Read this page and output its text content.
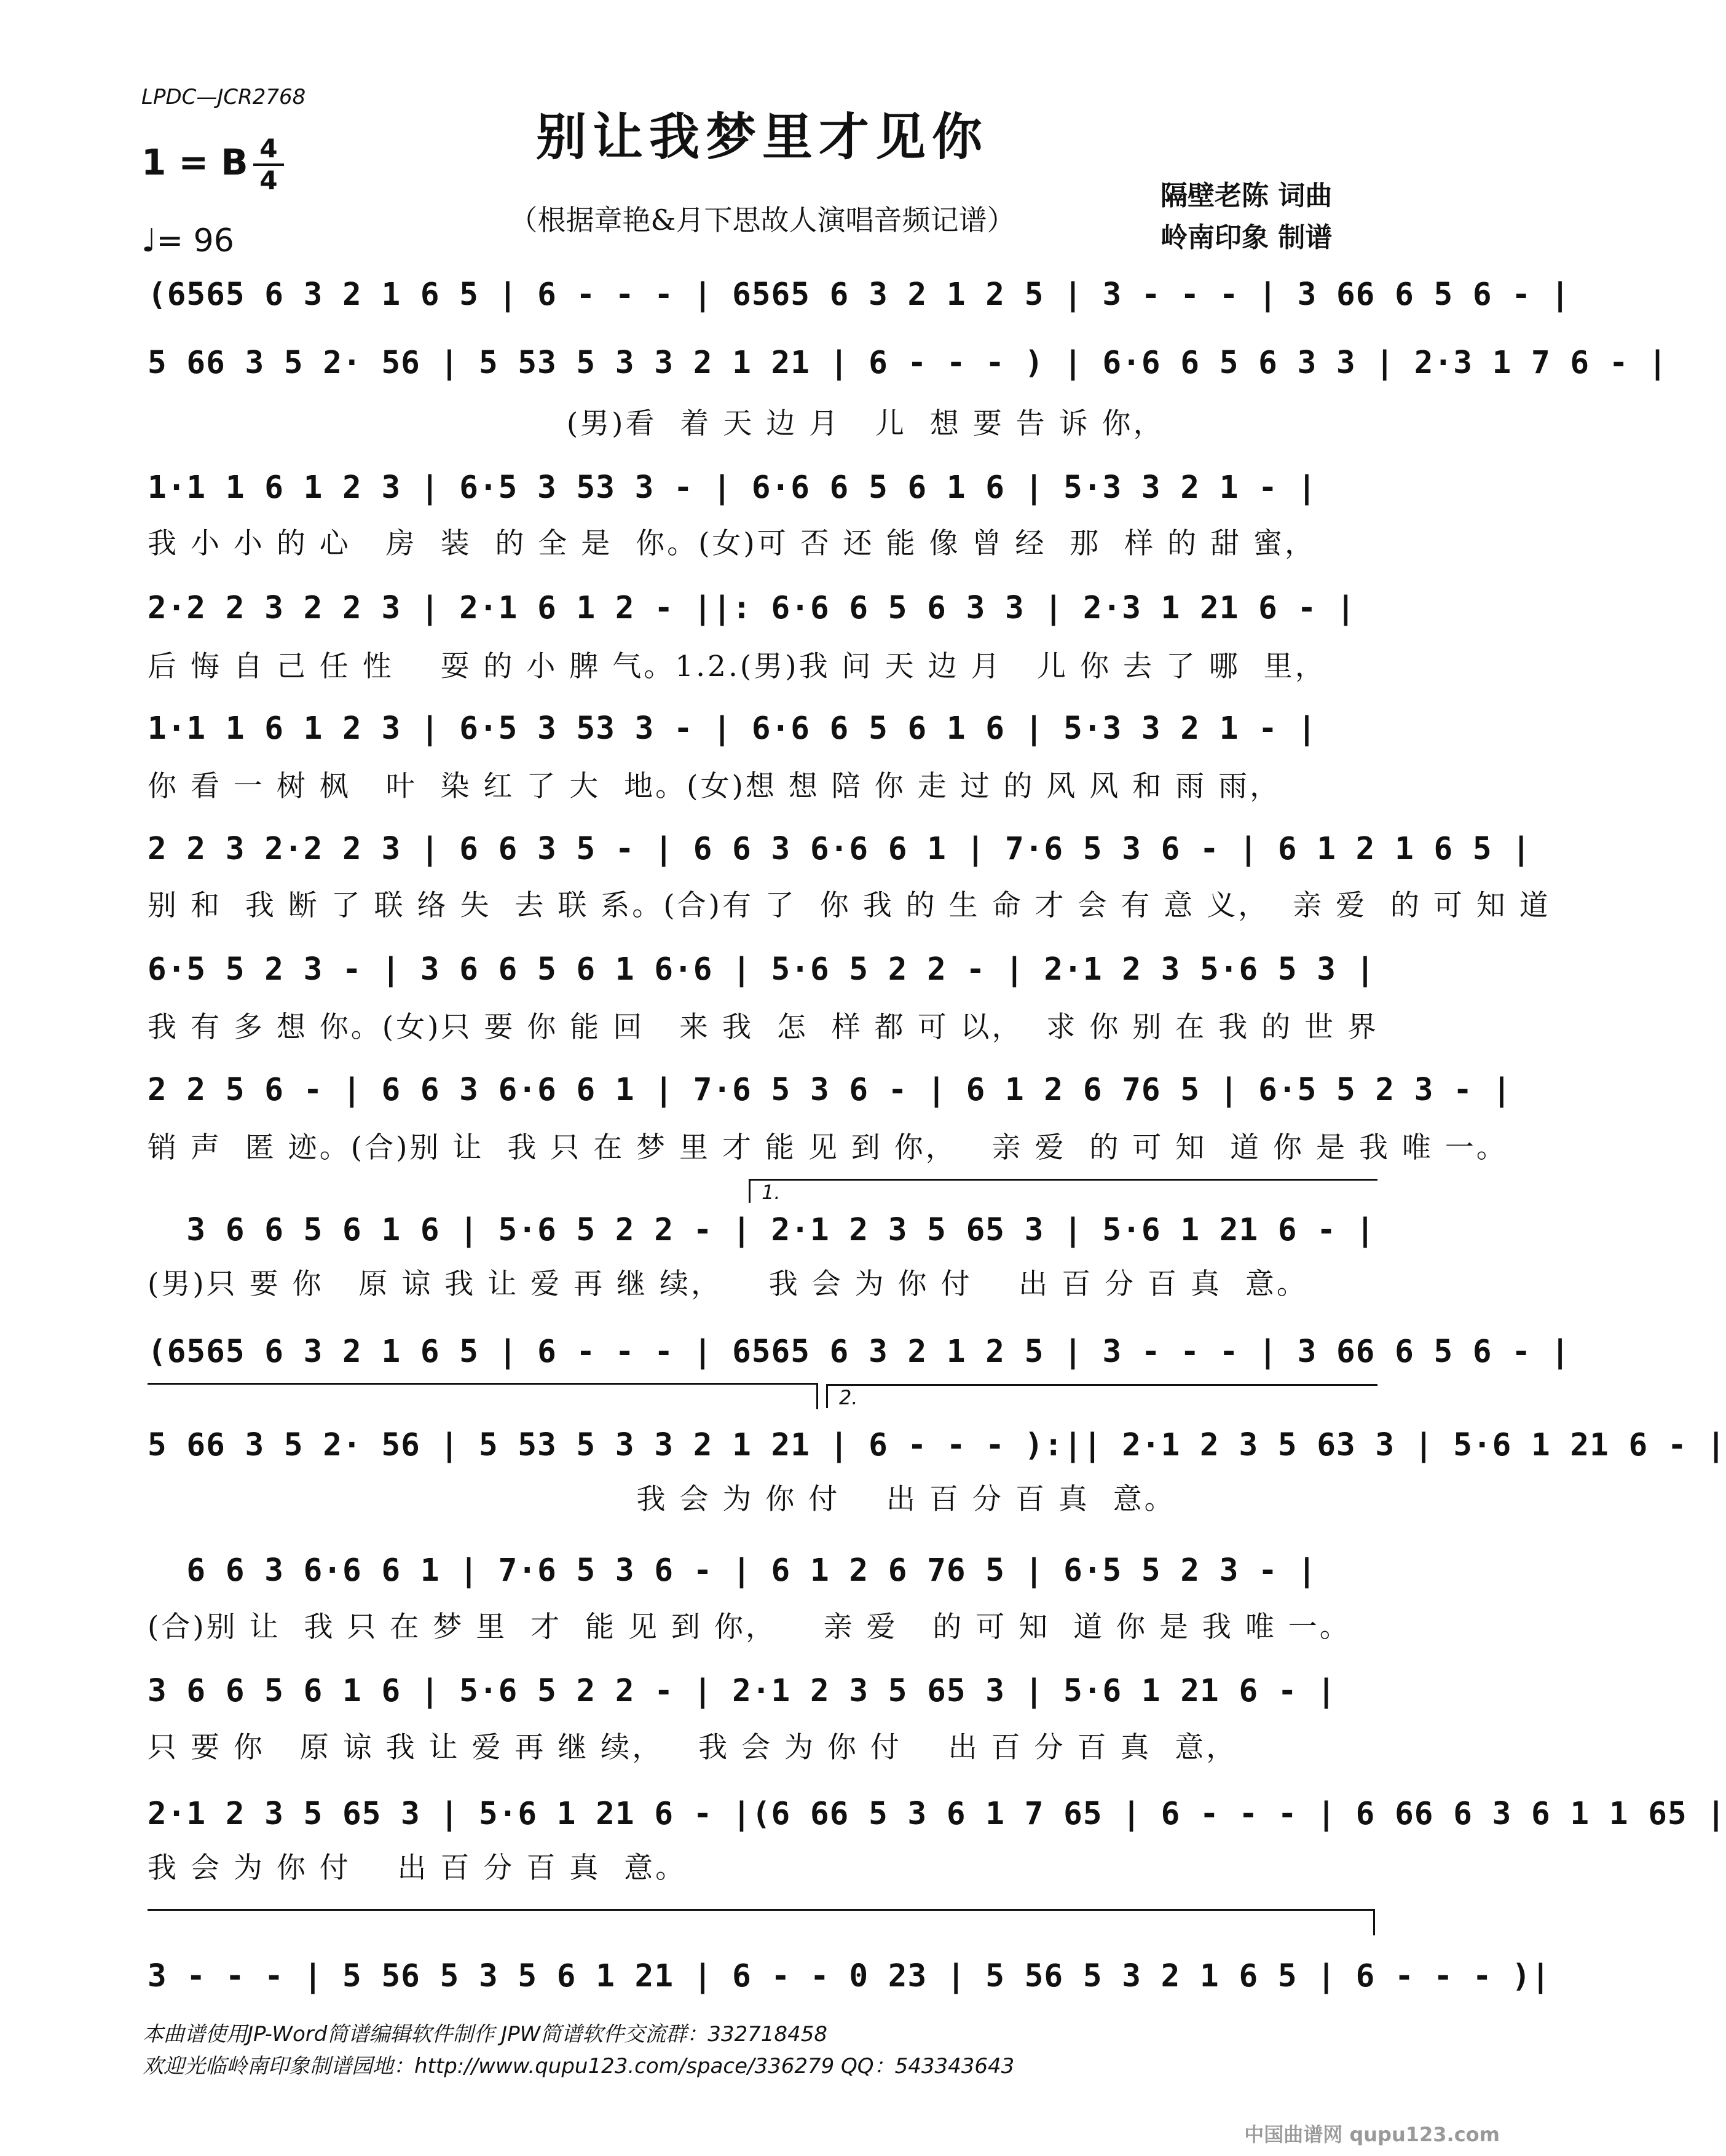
LPDC—JCR2768
别让我梦里才见你
1 = B 4
4
♩= 96
（根据章艳&月下思故人演唱音频记谱）
隔壁老陈 词曲
岭南印象 制谱
(6565 6 3 2 1 6 5 | 6 - - - | 6565 6 3 2 1 2 5 | 3 - - - | 3 66 6 5 6 - |
5 66 3 5 2· 56 | 5 53 5 3 3 2 1 21 | 6 - - - ) | 6·6 6 5 6 3 3 | 2·3 1 7 6 - |
(男)看  着 天 边 月   儿  想 要 告 诉 你，
1·1 1 6 1 2 3 | 6·5 3 53 3 - | 6·6 6 5 6 1 6 | 5·3 3 2 1 - |
我 小 小 的 心   房  装  的 全 是  你。(女)可 否 还 能 像 曾 经  那  样 的 甜 蜜，
2·2 2 3 2 2 3 | 2·1 6 1 2 - ||: 6·6 6 5 6 3 3 | 2·3 1 21 6 - |
后 悔 自 己 任 性    耍 的 小 脾 气。1.2.(男)我 问 天 边 月   儿 你 去 了 哪  里，
1·1 1 6 1 2 3 | 6·5 3 53 3 - | 6·6 6 5 6 1 6 | 5·3 3 2 1 - |
你 看 一 树 枫   叶  染 红 了 大  地。(女)想 想 陪 你 走 过 的 风 风 和 雨 雨，
2 2 3 2·2 2 3 | 6 6 3 5 - | 6 6 3 6·6 6 1 | 7·6 5 3 6 - | 6 1 2 1 6 5 |
别 和  我 断 了 联 络 失  去 联 系。(合)有 了  你 我 的 生 命 才 会 有 意 义，  亲 爱  的 可 知 道
6·5 5 2 3 - | 3 6 6 5 6 1 6·6 | 5·6 5 2 2 - | 2·1 2 3 5·6 5 3 |
我 有 多 想 你。(女)只 要 你 能 回   来 我  怎  样 都 可 以，  求 你 别 在 我 的 世 界
2 2 5 6 - | 6 6 3 6·6 6 1 | 7·6 5 3 6 - | 6 1 2 6 76 5 | 6·5 5 2 3 - |
销 声  匿 迹。(合)别 让  我 只 在 梦 里 才 能 见 到 你，   亲 爱  的 可 知  道 你 是 我 唯 一。
1.
3 6 6 5 6 1 6 | 5·6 5 2 2 - | 2·1 2 3 5 65 3 | 5·6 1 21 6 - |
(男)只 要 你   原 谅 我 让 爱 再 继 续，    我 会 为 你 付    出 百 分 百 真  意。
(6565 6 3 2 1 6 5 | 6 - - - | 6565 6 3 2 1 2 5 | 3 - - - | 3 66 6 5 6 - |
2.
5 66 3 5 2· 56 | 5 53 5 3 3 2 1 21 | 6 - - - ):|| 2·1 2 3 5 63 3 | 5·6 1 21 6 - |
我 会 为 你 付    出 百 分 百 真  意。
6 6 3 6·6 6 1 | 7·6 5 3 6 - | 6 1 2 6 76 5 | 6·5 5 2 3 - |
(合)别 让  我 只 在 梦 里  才  能 见 到 你，    亲 爱   的 可 知  道 你 是 我 唯 一。
3 6 6 5 6 1 6 | 5·6 5 2 2 - | 2·1 2 3 5 65 3 | 5·6 1 21 6 - |
只 要 你   原 谅 我 让 爱 再 继 续，   我 会 为 你 付    出 百 分 百 真  意，
2·1 2 3 5 65 3 | 5·6 1 21 6 - |(6 66 5 3 6 1 7 65 | 6 - - - | 6 66 6 3 6 1 1 65 |
我 会 为 你 付    出 百 分 百 真  意。
3 - - - | 5 56 5 3 5 6 1 21 | 6 - - 0 23 | 5 56 5 3 2 1 6 5 | 6 - - - )|
本曲谱使用JP-Word简谱编辑软件制作 JPW简谱软件交流群：332718458
欢迎光临岭南印象制谱园地：http://www.qupu123.com/space/336279 QQ：543343643
中国曲谱网 qupu123.com
